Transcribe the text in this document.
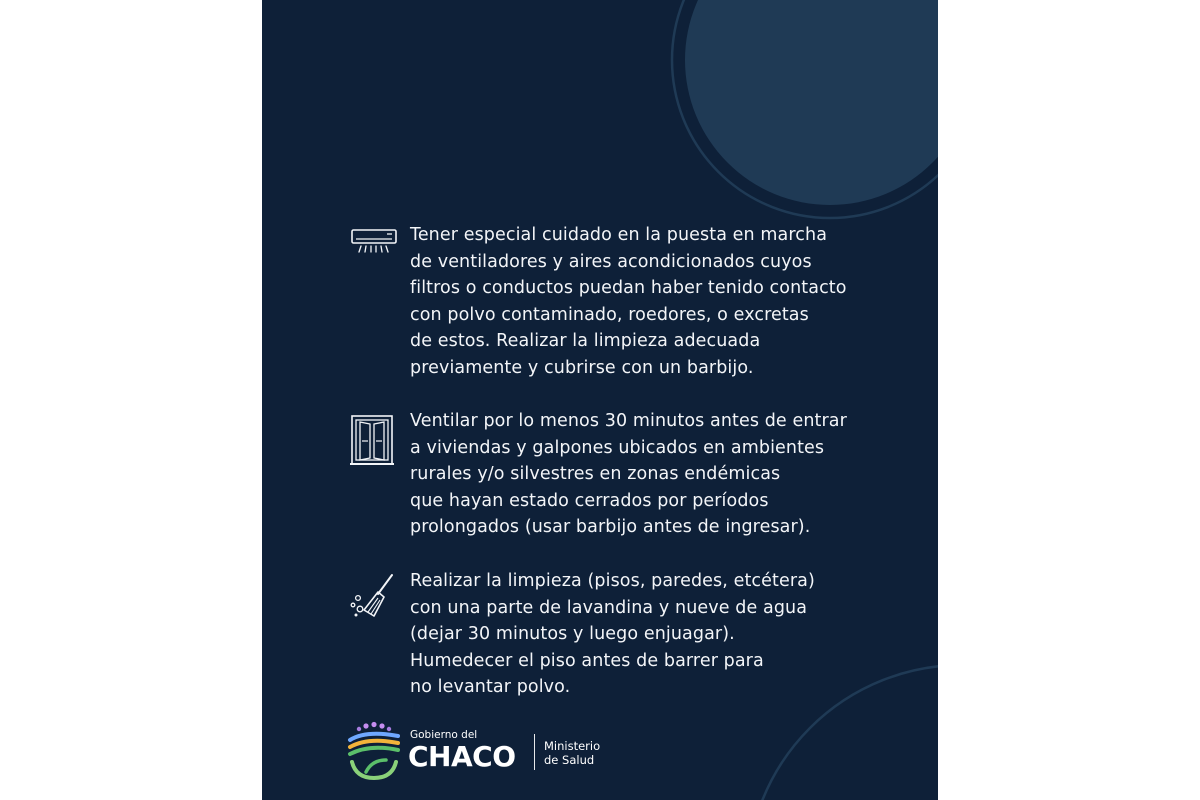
Tener especial cuidado en la puesta en marcha
de ventiladores y aires acondicionados cuyos
filtros o conductos puedan haber tenido contacto
con polvo contaminado, roedores, o excretas
de estos. Realizar la limpieza adecuada
previamente y cubrirse con un barbijo.
Ventilar por lo menos 30 minutos antes de entrar
a viviendas y galpones ubicados en ambientes
rurales y/o silvestres en zonas endémicas
que hayan estado cerrados por períodos
prolongados (usar barbijo antes de ingresar).
Realizar la limpieza (pisos, paredes, etcétera)
con una parte de lavandina y nueve de agua
(dejar 30 minutos y luego enjuagar).
Humedecer el piso antes de barrer para
no levantar polvo.
Gobierno del
CHACO Ministerio
de Salud
